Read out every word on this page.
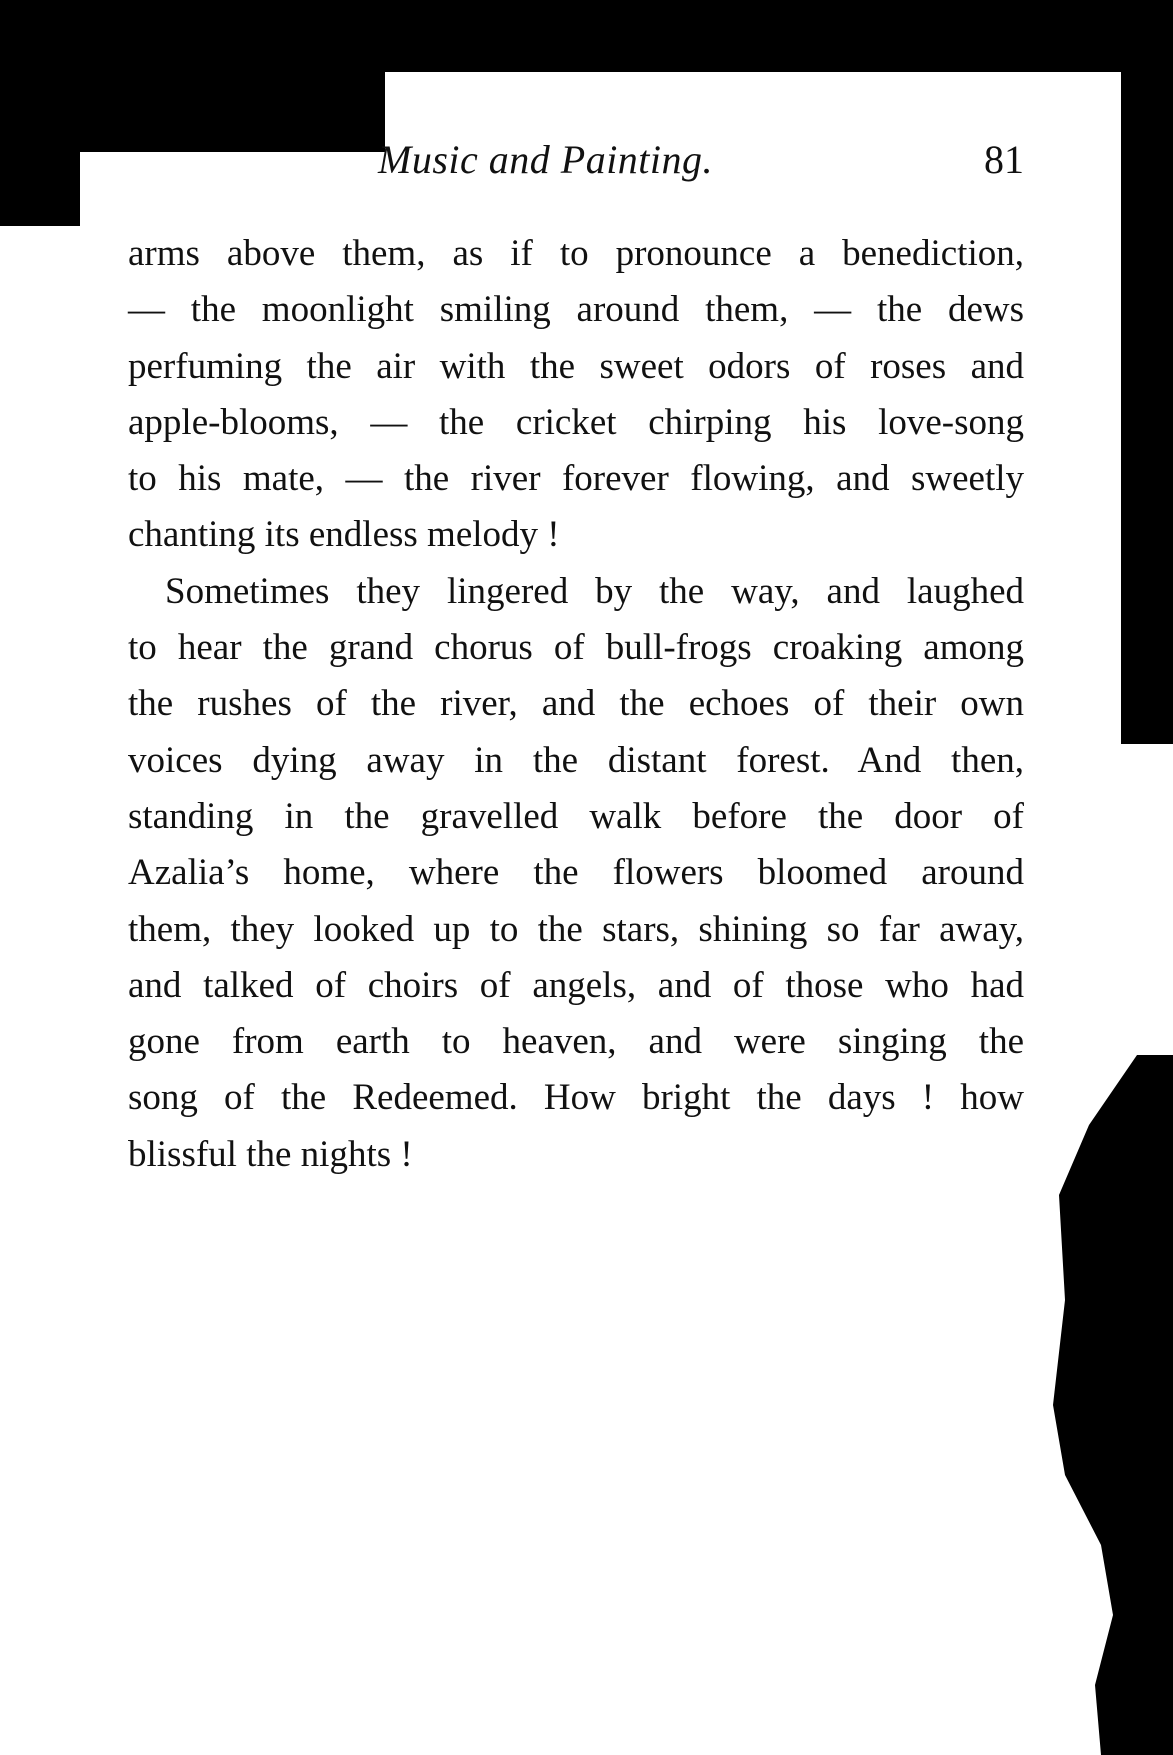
Music and Painting.	81
arms above them, as if to pronounce a benediction,
— the moonlight smiling around them, — the dews
perfuming the air with the sweet odors of roses and
apple-blooms, — the cricket chirping his love-song
to his mate, — the river forever flowing, and sweetly
chanting its endless melody !
Sometimes they lingered by the way, and laughed
to hear the grand chorus of bull-frogs croaking among
the rushes of the river, and the echoes of their own
voices dying away in the distant forest. And then,
standing in the gravelled walk before the door of
Azalia’s home, where the flowers bloomed around
them, they looked up to the stars, shining so far away,
and talked of choirs of angels, and of those who had
gone from earth to heaven, and were singing the
song of the Redeemed. How bright the days ! how
blissful the nights !
